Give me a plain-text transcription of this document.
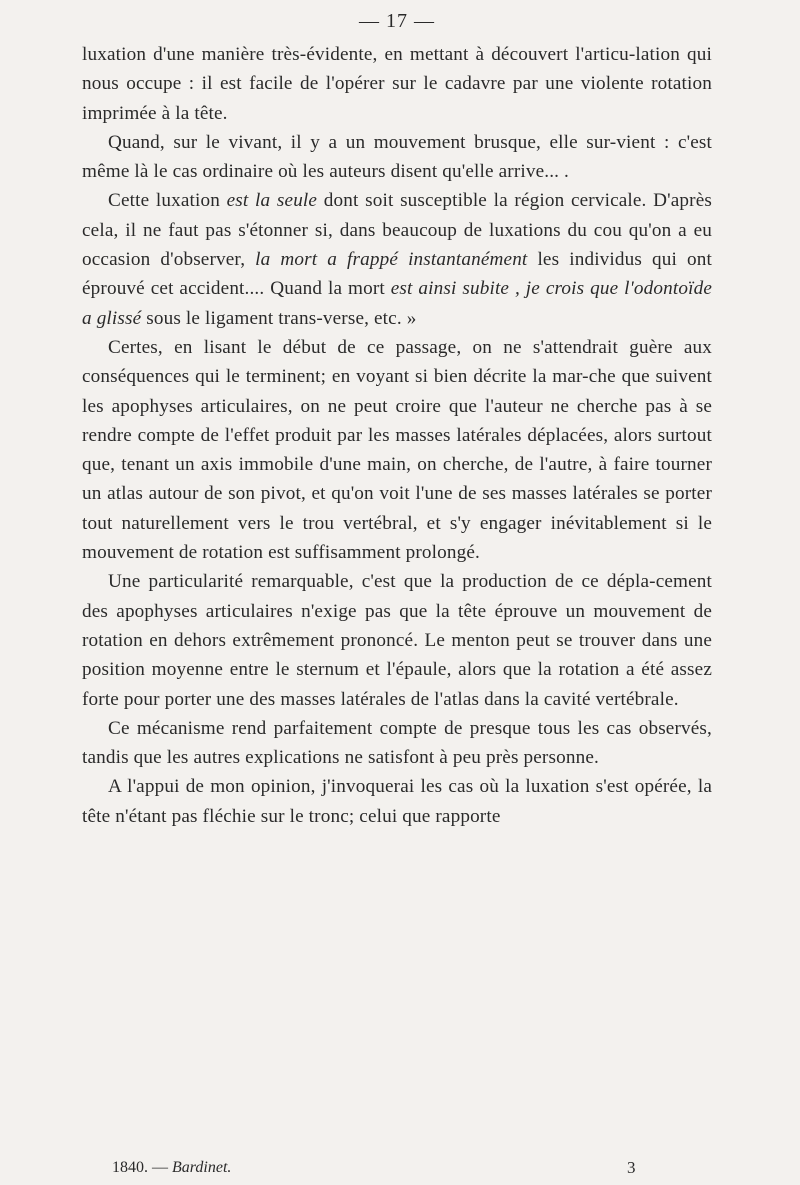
— 17 —

luxation d'une manière très-évidente, en mettant à découvert l'articu-lation qui nous occupe : il est facile de l'opérer sur le cadavre par une violente rotation imprimée à la tête.

Quand, sur le vivant, il y a un mouvement brusque, elle sur-vient : c'est même là le cas ordinaire où les auteurs disent qu'elle arrive... .

Cette luxation est la seule dont soit susceptible la région cervicale. D'après cela, il ne faut pas s'étonner si, dans beaucoup de luxations du cou qu'on a eu occasion d'observer, la mort a frappé instantanément les individus qui ont éprouvé cet accident.... Quand la mort est ainsi subite , je crois que l'odontoïde a glissé sous le ligament trans-verse, etc. »

Certes, en lisant le début de ce passage, on ne s'attendrait guère aux conséquences qui le terminent; en voyant si bien décrite la mar-che que suivent les apophyses articulaires, on ne peut croire que l'auteur ne cherche pas à se rendre compte de l'effet produit par les masses latérales déplacées, alors surtout que, tenant un axis immobile d'une main, on cherche, de l'autre, à faire tourner un atlas autour de son pivot, et qu'on voit l'une de ses masses latérales se porter tout naturellement vers le trou vertébral, et s'y engager inévitablement si le mouvement de rotation est suffisamment prolongé.

Une particularité remarquable, c'est que la production de ce dépla-cement des apophyses articulaires n'exige pas que la tête éprouve un mouvement de rotation en dehors extrêmement prononcé. Le menton peut se trouver dans une position moyenne entre le sternum et l'épaule, alors que la rotation a été assez forte pour porter une des masses latérales de l'atlas dans la cavité vertébrale.

Ce mécanisme rend parfaitement compte de presque tous les cas observés, tandis que les autres explications ne satisfont à peu près personne.

A l'appui de mon opinion, j'invoquerai les cas où la luxation s'est opérée, la tête n'étant pas fléchie sur le tronc; celui que rapporte

1840. — Bardinet.	3
